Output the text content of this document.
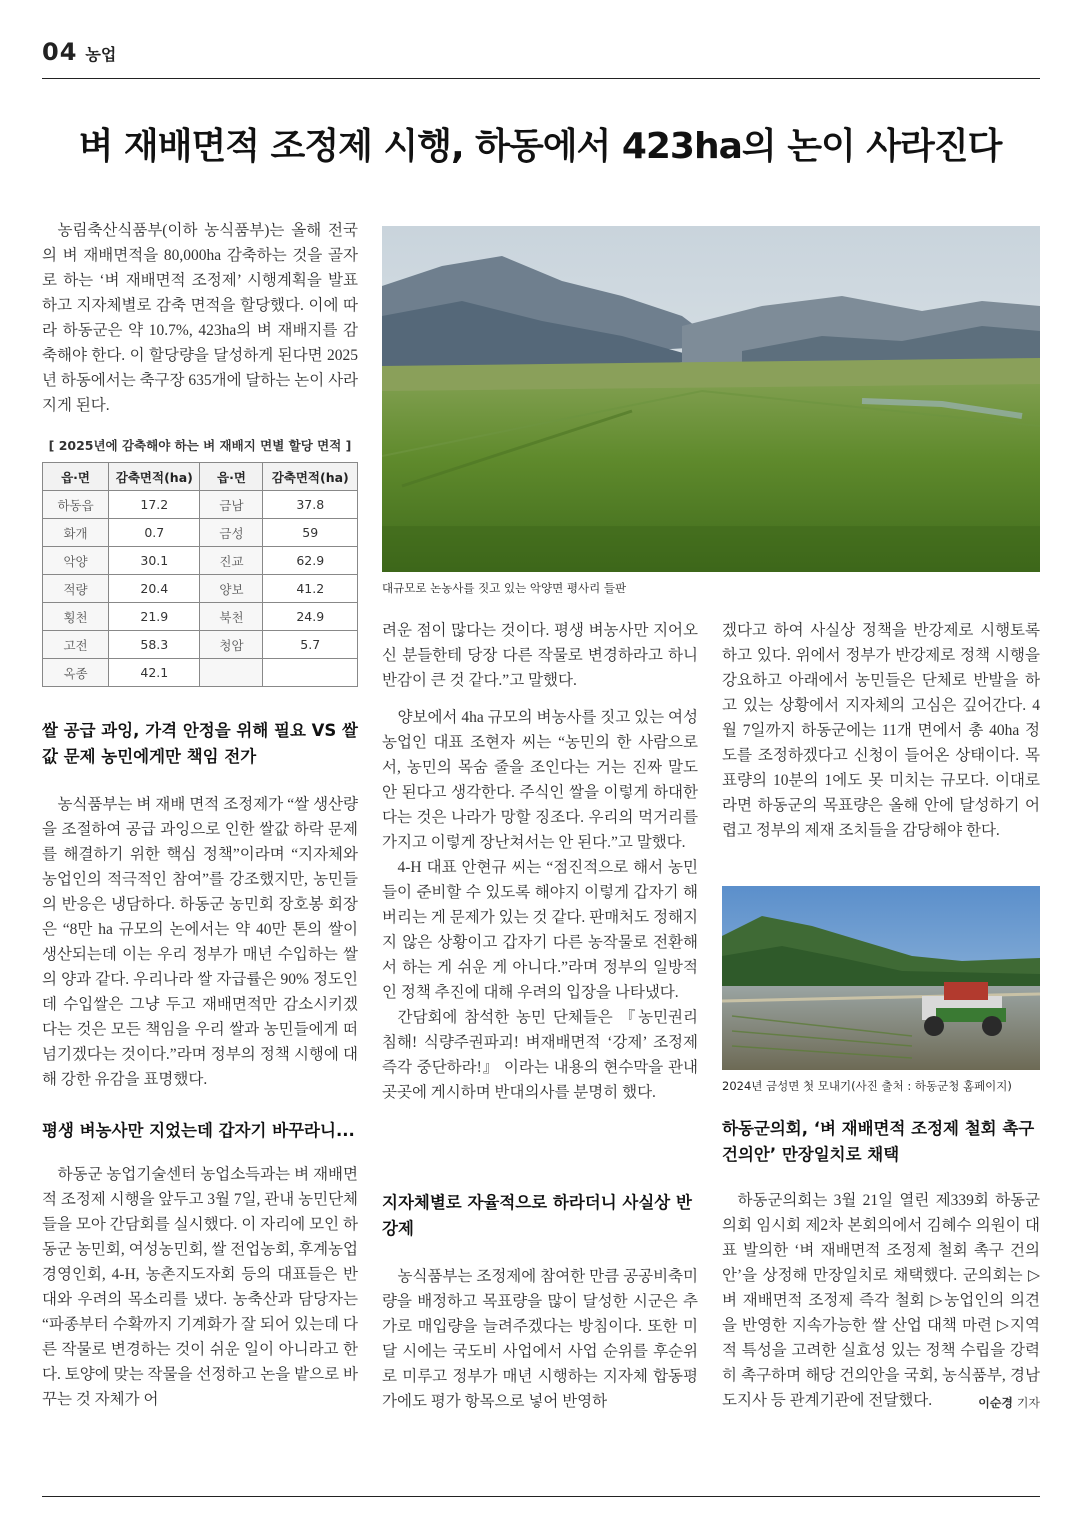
04 농업
벼 재배면적 조정제 시행, 하동에서 423ha의 논이 사라진다

농림축산식품부(이하 농식품부)는 올해 전국의 벼 재배면적을 80,000ha 감축하는 것을 골자로 하는 ‘벼 재배면적 조정제’ 시행계획을 발표하고 지자체별로 감축 면적을 할당했다. 이에 따라 하동군은 약 10.7%, 423ha의 벼 재배지를 감축해야 한다. 이 할당량을 달성하게 된다면 2025년 하동에서는 축구장 635개에 달하는 논이 사라지게 된다.

[ 2025년에 감축해야 하는 벼 재배지 면별 할당 면적 ]
읍·면	감축면적(ha)	읍·면	감축면적(ha)
하동읍	17.2	금남	37.8
화개	0.7	금성	59
악양	30.1	진교	62.9
적량	20.4	양보	41.2
횡천	21.9	북천	24.9
고전	58.3	청암	5.7
옥종	42.1		
쌀 공급 과잉, 가격 안정을 위해 필요 VS 쌀값 문제 농민에게만 책임 전가

농식품부는 벼 재배 면적 조정제가 “쌀 생산량을 조절하여 공급 과잉으로 인한 쌀값 하락 문제를 해결하기 위한 핵심 정책”이라며 “지자체와 농업인의 적극적인 참여”를 강조했지만, 농민들의 반응은 냉담하다. 하동군 농민회 장호봉 회장은 “8만 ha 규모의 논에서는 약 40만 톤의 쌀이 생산되는데 이는 우리 정부가 매년 수입하는 쌀의 양과 같다. 우리나라 쌀 자급률은 90% 정도인데 수입쌀은 그냥 두고 재배면적만 감소시키겠다는 것은 모든 책임을 우리 쌀과 농민들에게 떠넘기겠다는 것이다.”라며 정부의 정책 시행에 대해 강한 유감을 표명했다.

평생 벼농사만 지었는데 갑자기 바꾸라니...

하동군 농업기술센터 농업소득과는 벼 재배면적 조정제 시행을 앞두고 3월 7일, 관내 농민단체들을 모아 간담회를 실시했다. 이 자리에 모인 하동군 농민회, 여성농민회, 쌀 전업농회, 후계농업경영인회, 4-H, 농촌지도자회 등의 대표들은 반대와 우려의 목소리를 냈다. 농축산과 담당자는 “파종부터 수확까지 기계화가 잘 되어 있는데 다른 작물로 변경하는 것이 쉬운 일이 아니라고 한다. 토양에 맞는 작물을 선정하고 논을 밭으로 바꾸는 것 자체가 어

대규모로 논농사를 짓고 있는 악양면 평사리 들판

려운 점이 많다는 것이다. 평생 벼농사만 지어오신 분들한테 당장 다른 작물로 변경하라고 하니 반감이 큰 것 같다.”고 말했다.

양보에서 4ha 규모의 벼농사를 짓고 있는 여성농업인 대표 조현자 씨는 “농민의 한 사람으로서, 농민의 목숨 줄을 조인다는 거는 진짜 말도 안 된다고 생각한다. 주식인 쌀을 이렇게 하대한다는 것은 나라가 망할 징조다. 우리의 먹거리를 가지고 이렇게 장난쳐서는 안 된다.”고 말했다.

4-H 대표 안현규 씨는 “점진적으로 해서 농민들이 준비할 수 있도록 해야지 이렇게 갑자기 해 버리는 게 문제가 있는 것 같다. 판매처도 정해지지 않은 상황이고 갑자기 다른 농작물로 전환해서 하는 게 쉬운 게 아니다.”라며 정부의 일방적인 정책 추진에 대해 우려의 입장을 나타냈다.

간담회에 참석한 농민 단체들은 『농민권리 침해! 식량주권파괴! 벼재배면적 ‘강제’ 조정제 즉각 중단하라!』 이라는 내용의 현수막을 관내 곳곳에 게시하며 반대의사를 분명히 했다.

지자체별로 자율적으로 하라더니 사실상 반강제

농식품부는 조정제에 참여한 만큼 공공비축미량을 배정하고 목표량을 많이 달성한 시군은 추가로 매입량을 늘려주겠다는 방침이다. 또한 미달 시에는 국도비 사업에서 사업 순위를 후순위로 미루고 정부가 매년 시행하는 지자체 합동평가에도 평가 항목으로 넣어 반영하

겠다고 하여 사실상 정책을 반강제로 시행토록 하고 있다. 위에서 정부가 반강제로 정책 시행을 강요하고 아래에서 농민들은 단체로 반발을 하고 있는 상황에서 지자체의 고심은 깊어간다. 4월 7일까지 하동군에는 11개 면에서 총 40ha 정도를 조정하겠다고 신청이 들어온 상태이다. 목표량의 10분의 1에도 못 미치는 규모다. 이대로라면 하동군의 목표량은 올해 안에 달성하기 어렵고 정부의 제재 조치들을 감당해야 한다.

2024년 금성면 첫 모내기(사진 출처 : 하동군청 홈페이지)
하동군의회, ‘벼 재배면적 조정제 철회 촉구 건의안’ 만장일치로 채택

하동군의회는 3월 21일 열린 제339회 하동군의회 임시회 제2차 본회의에서 김혜수 의원이 대표 발의한 ‘벼 재배면적 조정제 철회 촉구 건의안’을 상정해 만장일치로 채택했다. 군의회는 ▷벼 재배면적 조정제 즉각 철회 ▷농업인의 의견을 반영한 지속가능한 쌀 산업 대책 마련 ▷지역적 특성을 고려한 실효성 있는 정책 수립을 강력히 촉구하며 해당 건의안을 국회, 농식품부, 경남도지사 등 관계기관에 전달했다.	이순경 기자
